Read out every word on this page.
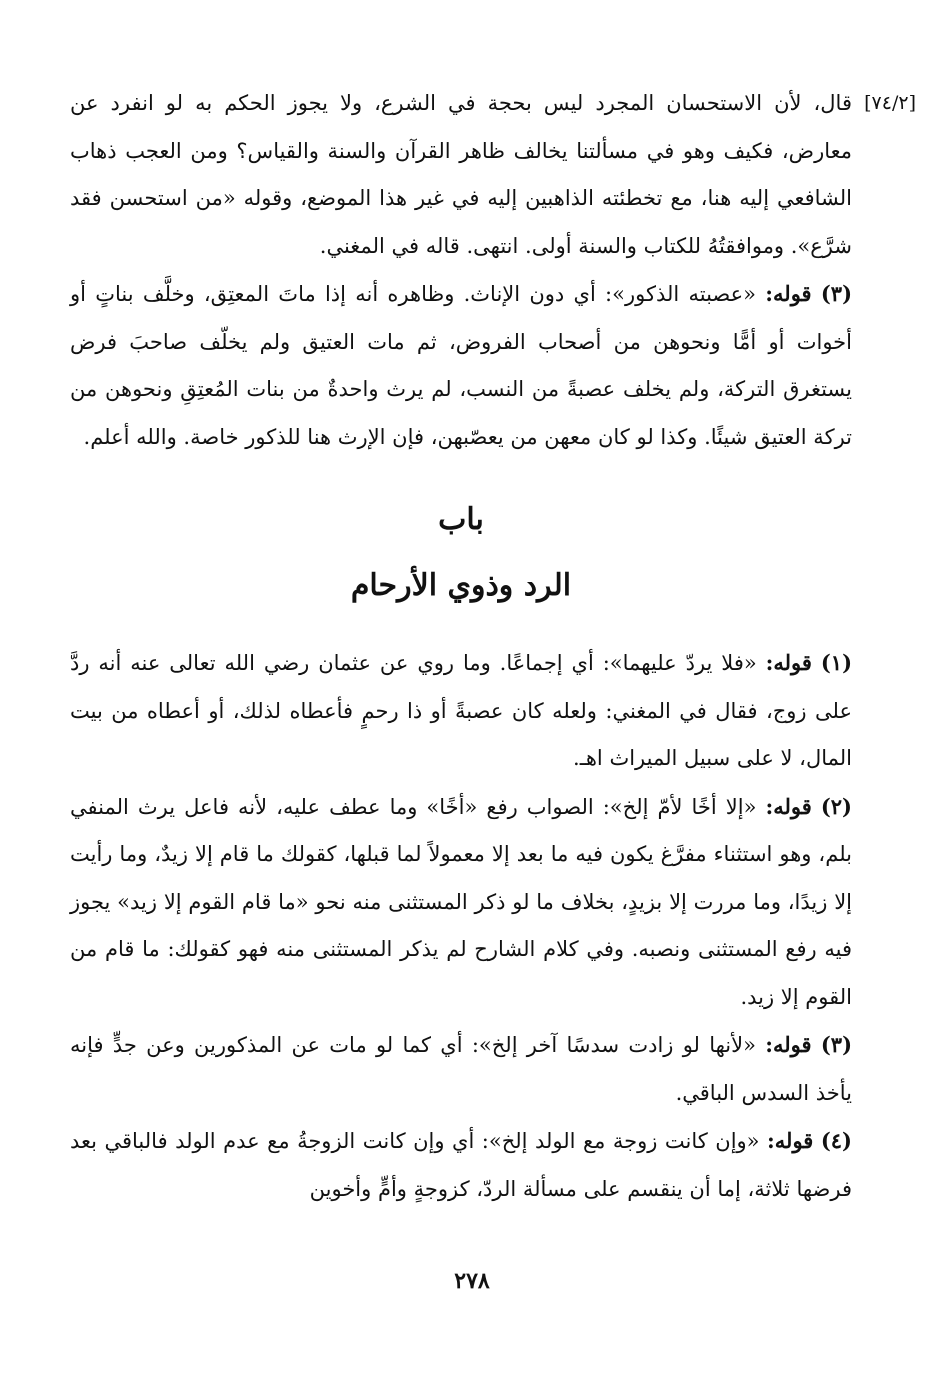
[٧٤/٢]

قال، لأن الاستحسان المجرد ليس بحجة في الشرع، ولا يجوز الحكم به لو انفرد عن معارض، فكيف وهو في مسألتنا يخالف ظاهر القرآن والسنة والقياس؟ ومن العجب ذهاب الشافعي إليه هنا، مع تخطئته الذاهبين إليه في غير هذا الموضع، وقوله «من استحسن فقد شرَّع». وموافقتُهُ للكتاب والسنة أولى. انتهى. قاله في المغني.

(٣) قوله: «عصبته الذكور»: أي دون الإناث. وظاهره أنه إذا ماتَ المعتِق، وخلَّف بناتٍ أو أخوات أو أمًّا ونحوهن من أصحاب الفروض، ثم مات العتيق ولم يخلّف صاحبَ فرض يستغرق التركة، ولم يخلف عصبةً من النسب، لم يرث واحدةٌ من بنات المُعتِقِ ونحوهن من تركة العتيق شيئًا. وكذا لو كان معهن من يعصّبهن، فإن الإرث هنا للذكور خاصة. والله أعلم.

باب
الرد وذوي الأرحام

(١) قوله: «فلا يردّ عليهما»: أي إجماعًا. وما روي عن عثمان رضي الله تعالى عنه أنه ردَّ على زوج، فقال في المغني: ولعله كان عصبةً أو ذا رحمٍ فأعطاه لذلك، أو أعطاه من بيت المال، لا على سبيل الميراث اهـ.

(٢) قوله: «إلا أخًا لأمّ إلخ»: الصواب رفع «أخًا» وما عطف عليه، لأنه فاعل يرث المنفي بلم، وهو استثناء مفرَّغ يكون فيه ما بعد إلا معمولاً لما قبلها، كقولك ما قام إلا زيدٌ، وما رأيت إلا زيدًا، وما مررت إلا بزيدٍ، بخلاف ما لو ذكر المستثنى منه نحو «ما قام القوم إلا زيد» يجوز فيه رفع المستثنى ونصبه. وفي كلام الشارح لم يذكر المستثنى منه فهو كقولك: ما قام من القوم إلا زيد.

(٣) قوله: «لأنها لو زادت سدسًا آخر إلخ»: أي كما لو مات عن المذكورين وعن جدٍّ فإنه يأخذ السدس الباقي.

(٤) قوله: «وإن كانت زوجة مع الولد إلخ»: أي وإن كانت الزوجةُ مع عدم الولد فالباقي بعد فرضها ثلاثة، إما أن ينقسم على مسألة الردّ، كزوجةٍ وأمٍّ وأخوين

٢٧٨
